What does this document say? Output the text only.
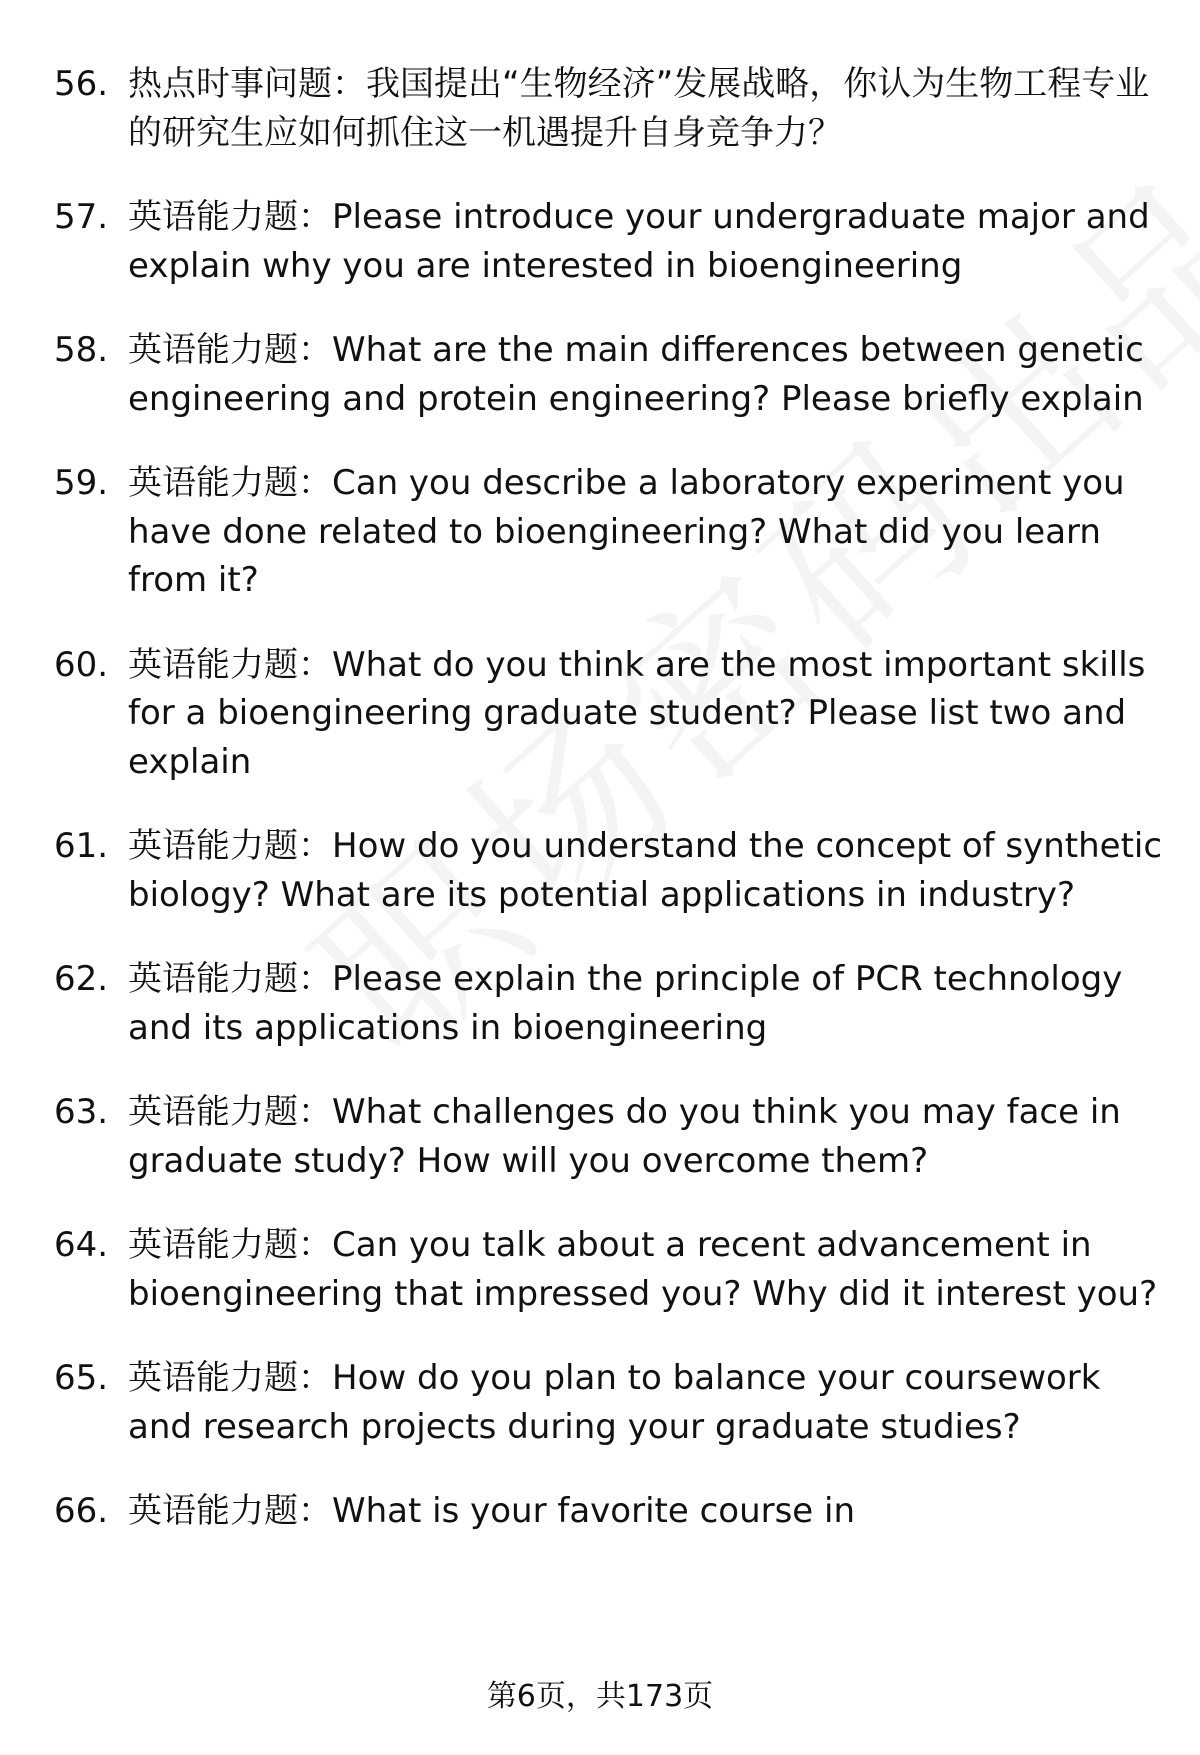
56. 热点时事问题：我国提出“生物经济”发展战略，你认为生物工程专业的研究生应如何抓住这一机遇提升自身竞争力？
57. 英语能力题：Please introduce your undergraduate major and explain why you are interested in bioengineering
58. 英语能力题：What are the main differences between genetic engineering and protein engineering? Please briefly explain
59. 英语能力题：Can you describe a laboratory experiment you have done related to bioengineering? What did you learn from it?
60. 英语能力题：What do you think are the most important skills for a bioengineering graduate student? Please list two and explain
61. 英语能力题：How do you understand the concept of synthetic biology? What are its potential applications in industry?
62. 英语能力题：Please explain the principle of PCR technology and its applications in bioengineering
63. 英语能力题：What challenges do you think you may face in graduate study? How will you overcome them?
64. 英语能力题：Can you talk about a recent advancement in bioengineering that impressed you? Why did it interest you?
65. 英语能力题：How do you plan to balance your coursework and research projects during your graduate studies?
66. 英语能力题：What is your favorite course in
第6页，共173页
